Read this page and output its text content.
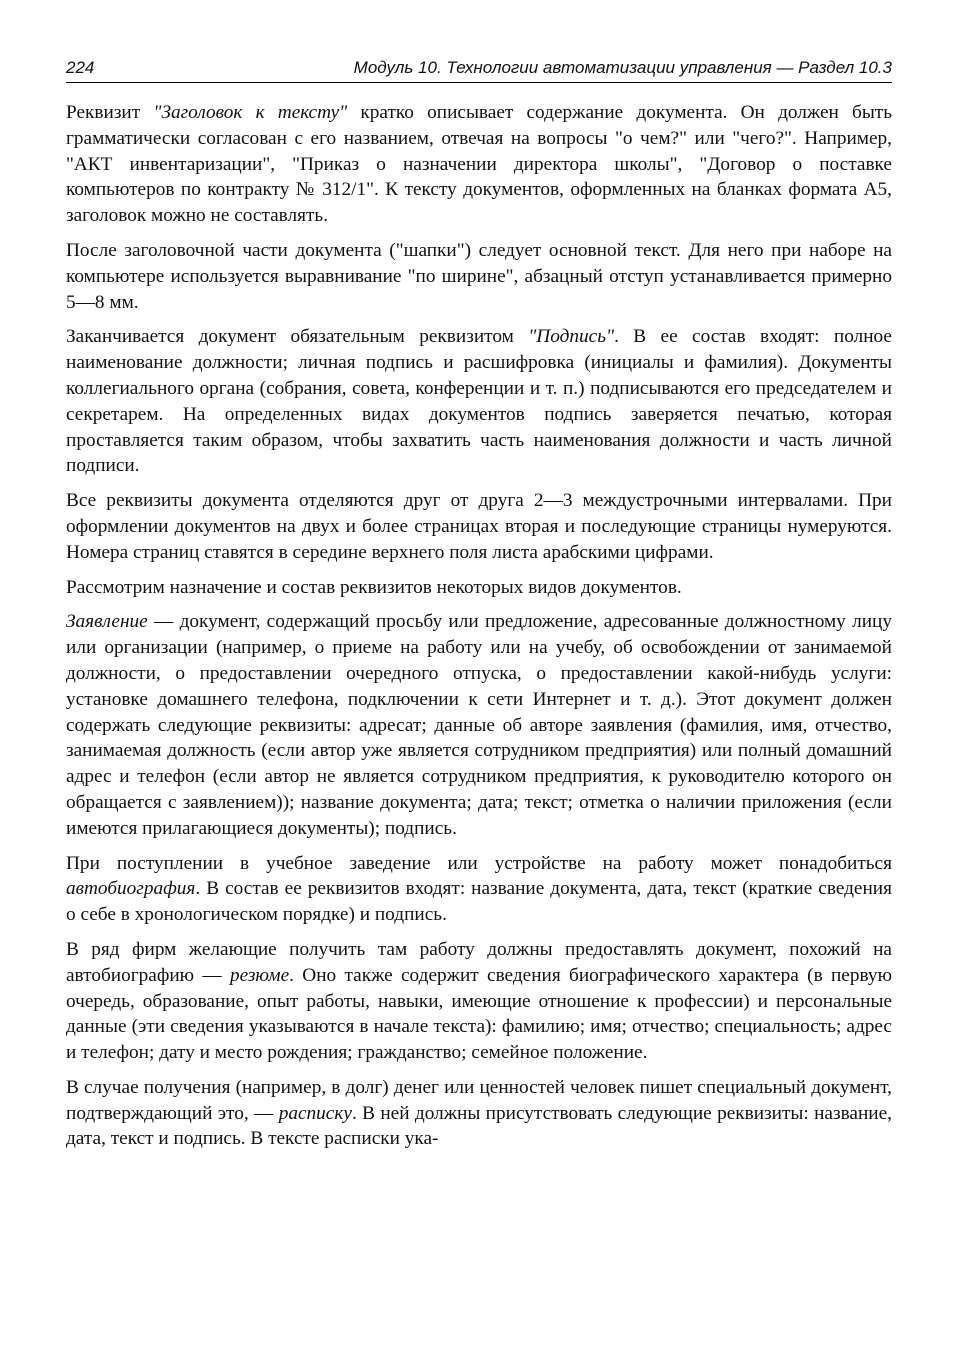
224	Модуль 10. Технологии автоматизации управления — Раздел 10.3

Реквизит "Заголовок к тексту" кратко описывает содержание документа. Он должен быть грамматически согласован с его названием, отвечая на вопросы "о чем?" или "чего?". Например, "АКТ инвентаризации", "Приказ о назначении директора школы", "Договор о поставке компьютеров по контракту № 312/1". К тексту документов, оформленных на бланках формата А5, заголовок можно не составлять.

После заголовочной части документа ("шапки") следует основной текст. Для него при наборе на компьютере используется выравнивание "по ширине", абзацный отступ устанавливается примерно 5—8 мм.

Заканчивается документ обязательным реквизитом "Подпись". В ее состав входят: полное наименование должности; личная подпись и расшифровка (инициалы и фамилия). Документы коллегиального органа (собрания, совета, конференции и т. п.) подписываются его председателем и секретарем. На определенных видах документов подпись заверяется печатью, которая проставляется таким образом, чтобы захватить часть наименования должности и часть личной подписи.

Все реквизиты документа отделяются друг от друга 2—3 междустрочными интервалами. При оформлении документов на двух и более страницах вторая и последующие страницы нумеруются. Номера страниц ставятся в середине верхнего поля листа арабскими цифрами.

Рассмотрим назначение и состав реквизитов некоторых видов документов.

Заявление — документ, содержащий просьбу или предложение, адресованные должностному лицу или организации (например, о приеме на работу или на учебу, об освобождении от занимаемой должности, о предоставлении очередного отпуска, о предоставлении какой-нибудь услуги: установке домашнего телефона, подключении к сети Интернет и т. д.). Этот документ должен содержать следующие реквизиты: адресат; данные об авторе заявления (фамилия, имя, отчество, занимаемая должность (если автор уже является сотрудником предприятия) или полный домашний адрес и телефон (если автор не является сотрудником предприятия, к руководителю которого он обращается с заявлением)); название документа; дата; текст; отметка о наличии приложения (если имеются прилагающиеся документы); подпись.

При поступлении в учебное заведение или устройстве на работу может понадобиться автобиография. В состав ее реквизитов входят: название документа, дата, текст (краткие сведения о себе в хронологическом порядке) и подпись.

В ряд фирм желающие получить там работу должны предоставлять документ, похожий на автобиографию — резюме. Оно также содержит сведения биографического характера (в первую очередь, образование, опыт работы, навыки, имеющие отношение к профессии) и персональные данные (эти сведения указываются в начале текста): фамилию; имя; отчество; специальность; адрес и телефон; дату и место рождения; гражданство; семейное положение.

В случае получения (например, в долг) денег или ценностей человек пишет специальный документ, подтверждающий это, — расписку. В ней должны присутствовать следующие реквизиты: название, дата, текст и подпись. В тексте расписки ука-
